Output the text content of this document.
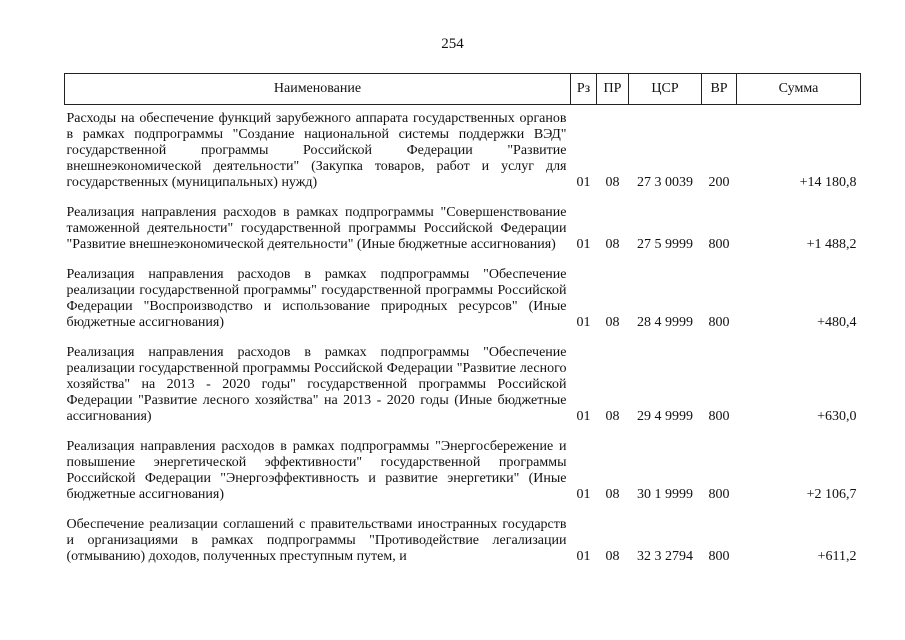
254
Наименование	Рз	ПР	ЦСР	ВР	Сумма
Расходы на обеспечение функций зарубежного аппарата государственных органов в рамках подпрограммы "Создание национальной системы поддержки ВЭД" государственной программы Российской Федерации "Развитие внешнеэкономической деятельности" (Закупка товаров, работ и услуг для государственных (муниципальных) нужд)	01	08	27 3 0039	200	+14 180,8

Реализация направления расходов в рамках подпрограммы "Совершенствование таможенной деятельности" государственной программы Российской Федерации "Развитие внешнеэкономической деятельности" (Иные бюджетные ассигнования)	01	08	27 5 9999	800	+1 488,2

Реализация направления расходов в рамках подпрограммы "Обеспечение реализации государственной программы" государственной программы Российской Федерации "Воспроизводство и использование природных ресурсов" (Иные бюджетные ассигнования)	01	08	28 4 9999	800	+480,4

Реализация направления расходов в рамках подпрограммы "Обеспечение реализации государственной программы Российской Федерации "Развитие лесного хозяйства" на 2013 - 2020 годы" государственной программы Российской Федерации "Развитие лесного хозяйства" на 2013 - 2020 годы (Иные бюджетные ассигнования)	01	08	29 4 9999	800	+630,0

Реализация направления расходов в рамках подпрограммы "Энергосбережение и повышение энергетической эффективности" государственной программы Российской Федерации "Энергоэффективность и развитие энергетики" (Иные бюджетные ассигнования)	01	08	30 1 9999	800	+2 106,7

Обеспечение реализации соглашений с правительствами иностранных государств и организациями в рамках подпрограммы "Противодействие легализации (отмыванию) доходов, полученных преступным путем, и	01	08	32 3 2794	800	+611,2
